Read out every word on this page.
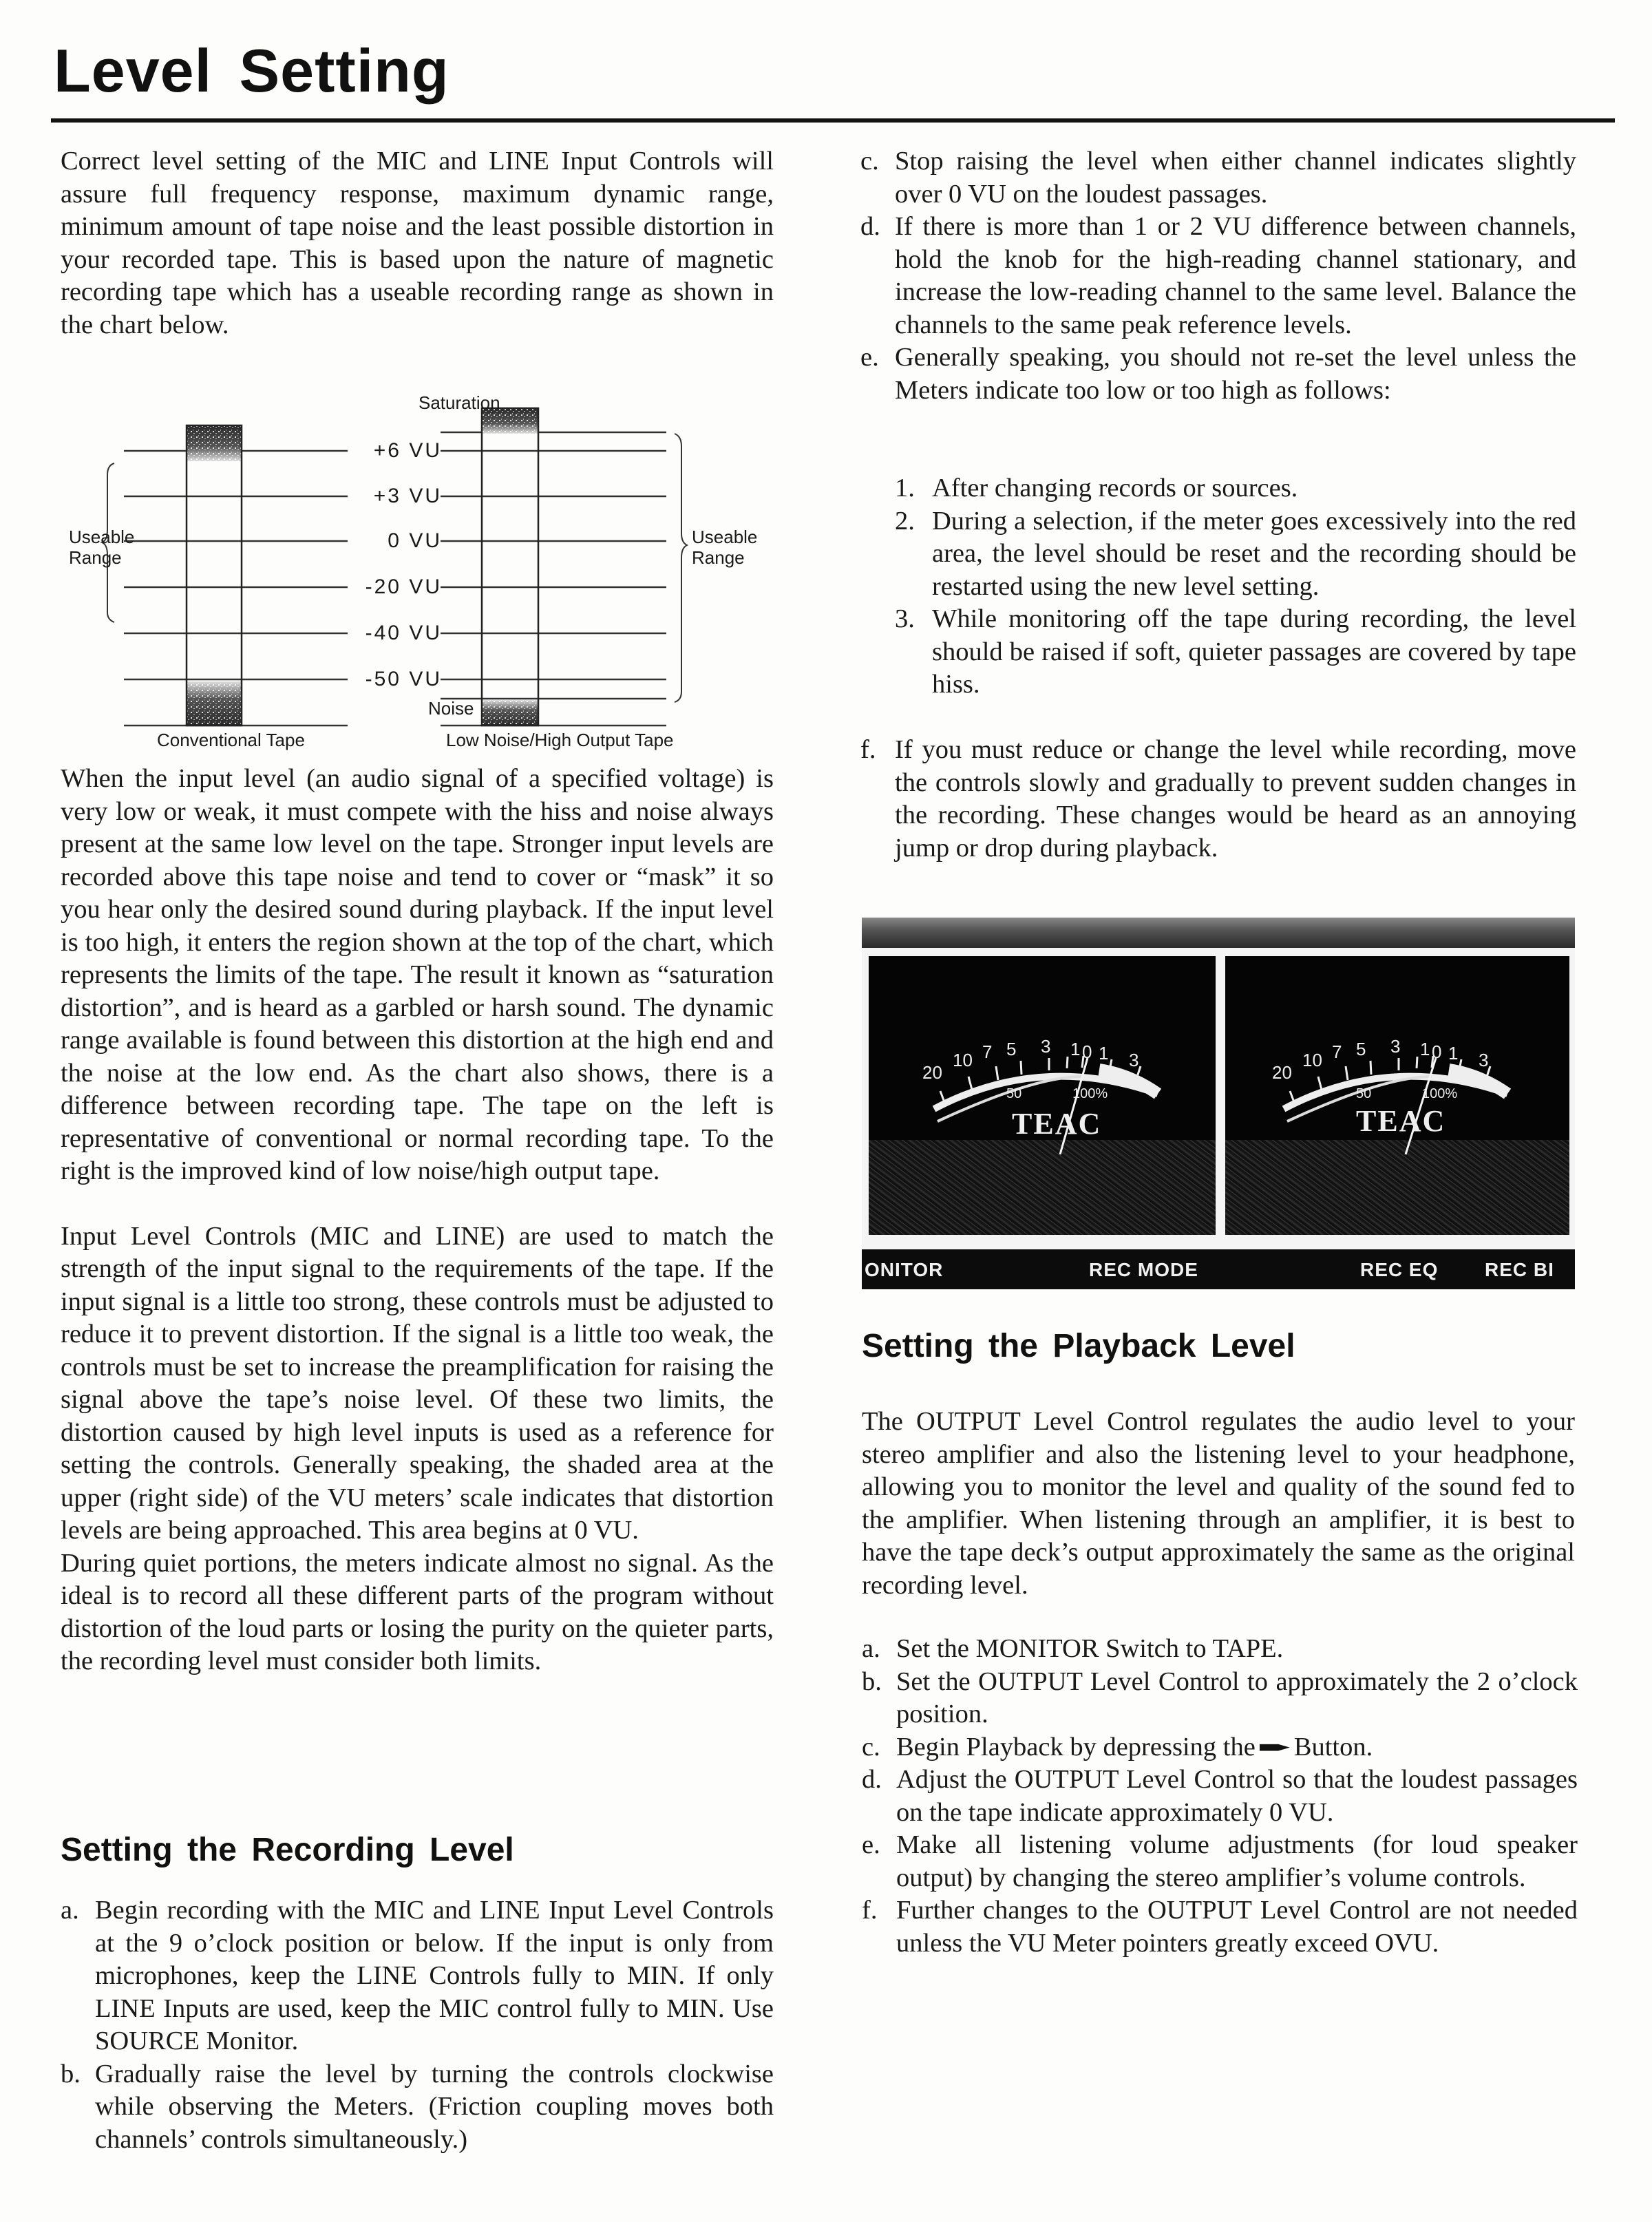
Level Setting

Correct level setting of the MIC and LINE Input Controls will assure full frequency response, maximum dynamic range, minimum amount of tape noise and the least possible distortion in your recorded tape. This is based upon the nature of magnetic recording tape which has a useable recording range as shown in the chart below.

Saturation
+6 VU
+3 VU
0 VU
-20 VU
-40 VU
-50 VU
Noise
Useable Range
Useable Range
Conventional Tape	Low Noise/High Output Tape

When the input level (an audio signal of a specified voltage) is very low or weak, it must compete with the hiss and noise always present at the same low level on the tape. Stronger input levels are recorded above this tape noise and tend to cover or “mask” it so you hear only the desired sound during playback. If the input level is too high, it enters the region shown at the top of the chart, which represents the limits of the tape. The result it known as “saturation distortion”, and is heard as a garbled or harsh sound. The dynamic range available is found between this distortion at the high end and the noise at the low end. As the chart also shows, there is a difference between recording tape. The tape on the left is representative of conventional or normal recording tape. To the right is the improved kind of low noise/high output tape.

Input Level Controls (MIC and LINE) are used to match the strength of the input signal to the requirements of the tape. If the input signal is a little too strong, these controls must be adjusted to reduce it to prevent distortion. If the signal is a little too weak, the controls must be set to increase the preamplification for raising the signal above the tape’s noise level. Of these two limits, the distortion caused by high level inputs is used as a reference for setting the controls. Generally speaking, the shaded area at the upper (right side) of the VU meters’ scale indicates that distortion levels are being approached. This area begins at 0 VU.

During quiet portions, the meters indicate almost no signal. As the ideal is to record all these different parts of the program without distortion of the loud parts or losing the purity on the quieter parts, the recording level must consider both limits.

Setting the Recording Level
a. Begin recording with the MIC and LINE Input Level Controls at the 9 o’clock position or below. If the input is only from microphones, keep the LINE Controls fully to MIN. If only LINE Inputs are used, keep the MIC control fully to MIN. Use SOURCE Monitor.
b. Gradually raise the level by turning the controls clockwise while observing the Meters. (Friction coupling moves both channels’ controls simultaneously.)
c. Stop raising the level when either channel indicates slightly over 0 VU on the loudest passages.
d. If there is more than 1 or 2 VU difference between channels, hold the knob for the high-reading channel stationary, and increase the low-reading channel to the same level. Balance the channels to the same peak reference levels.
e. Generally speaking, you should not re-set the level unless the Meters indicate too low or too high as follows:
1. After changing records or sources.
2. During a selection, if the meter goes excessively into the red area, the level should be reset and the recording should be restarted using the new level setting.
3. While monitoring off the tape during recording, the level should be raised if soft, quieter passages are covered by tape hiss.
f. If you must reduce or change the level while recording, move the controls slowly and gradually to prevent sudden changes in the recording. These changes would be heard as an annoying jump or drop during playback.
20
10 7 5 3 1 0 1 3
50	100%
TEAC
20
10 7 5 3 1 0 1 3
50	100%
TEAC
ONITOR	REC MODE	REC EQ REC BI
Setting the Playback Level

The OUTPUT Level Control regulates the audio level to your stereo amplifier and also the listening level to your headphone, allowing you to monitor the level and quality of the sound fed to the amplifier. When listening through an amplifier, it is best to have the tape deck’s output approximately the same as the original recording level.

a. Set the MONITOR Switch to TAPE.
b. Set the OUTPUT Level Control to approximately the 2 o’clock position.
c. Begin Playback by depressing the Button.
d. Adjust the OUTPUT Level Control so that the loudest passages on the tape indicate approximately 0 VU.
e. Make all listening volume adjustments (for loud speaker output) by changing the stereo amplifier’s volume controls.
f. Further changes to the OUTPUT Level Control are not needed unless the VU Meter pointers greatly exceed OVU.
